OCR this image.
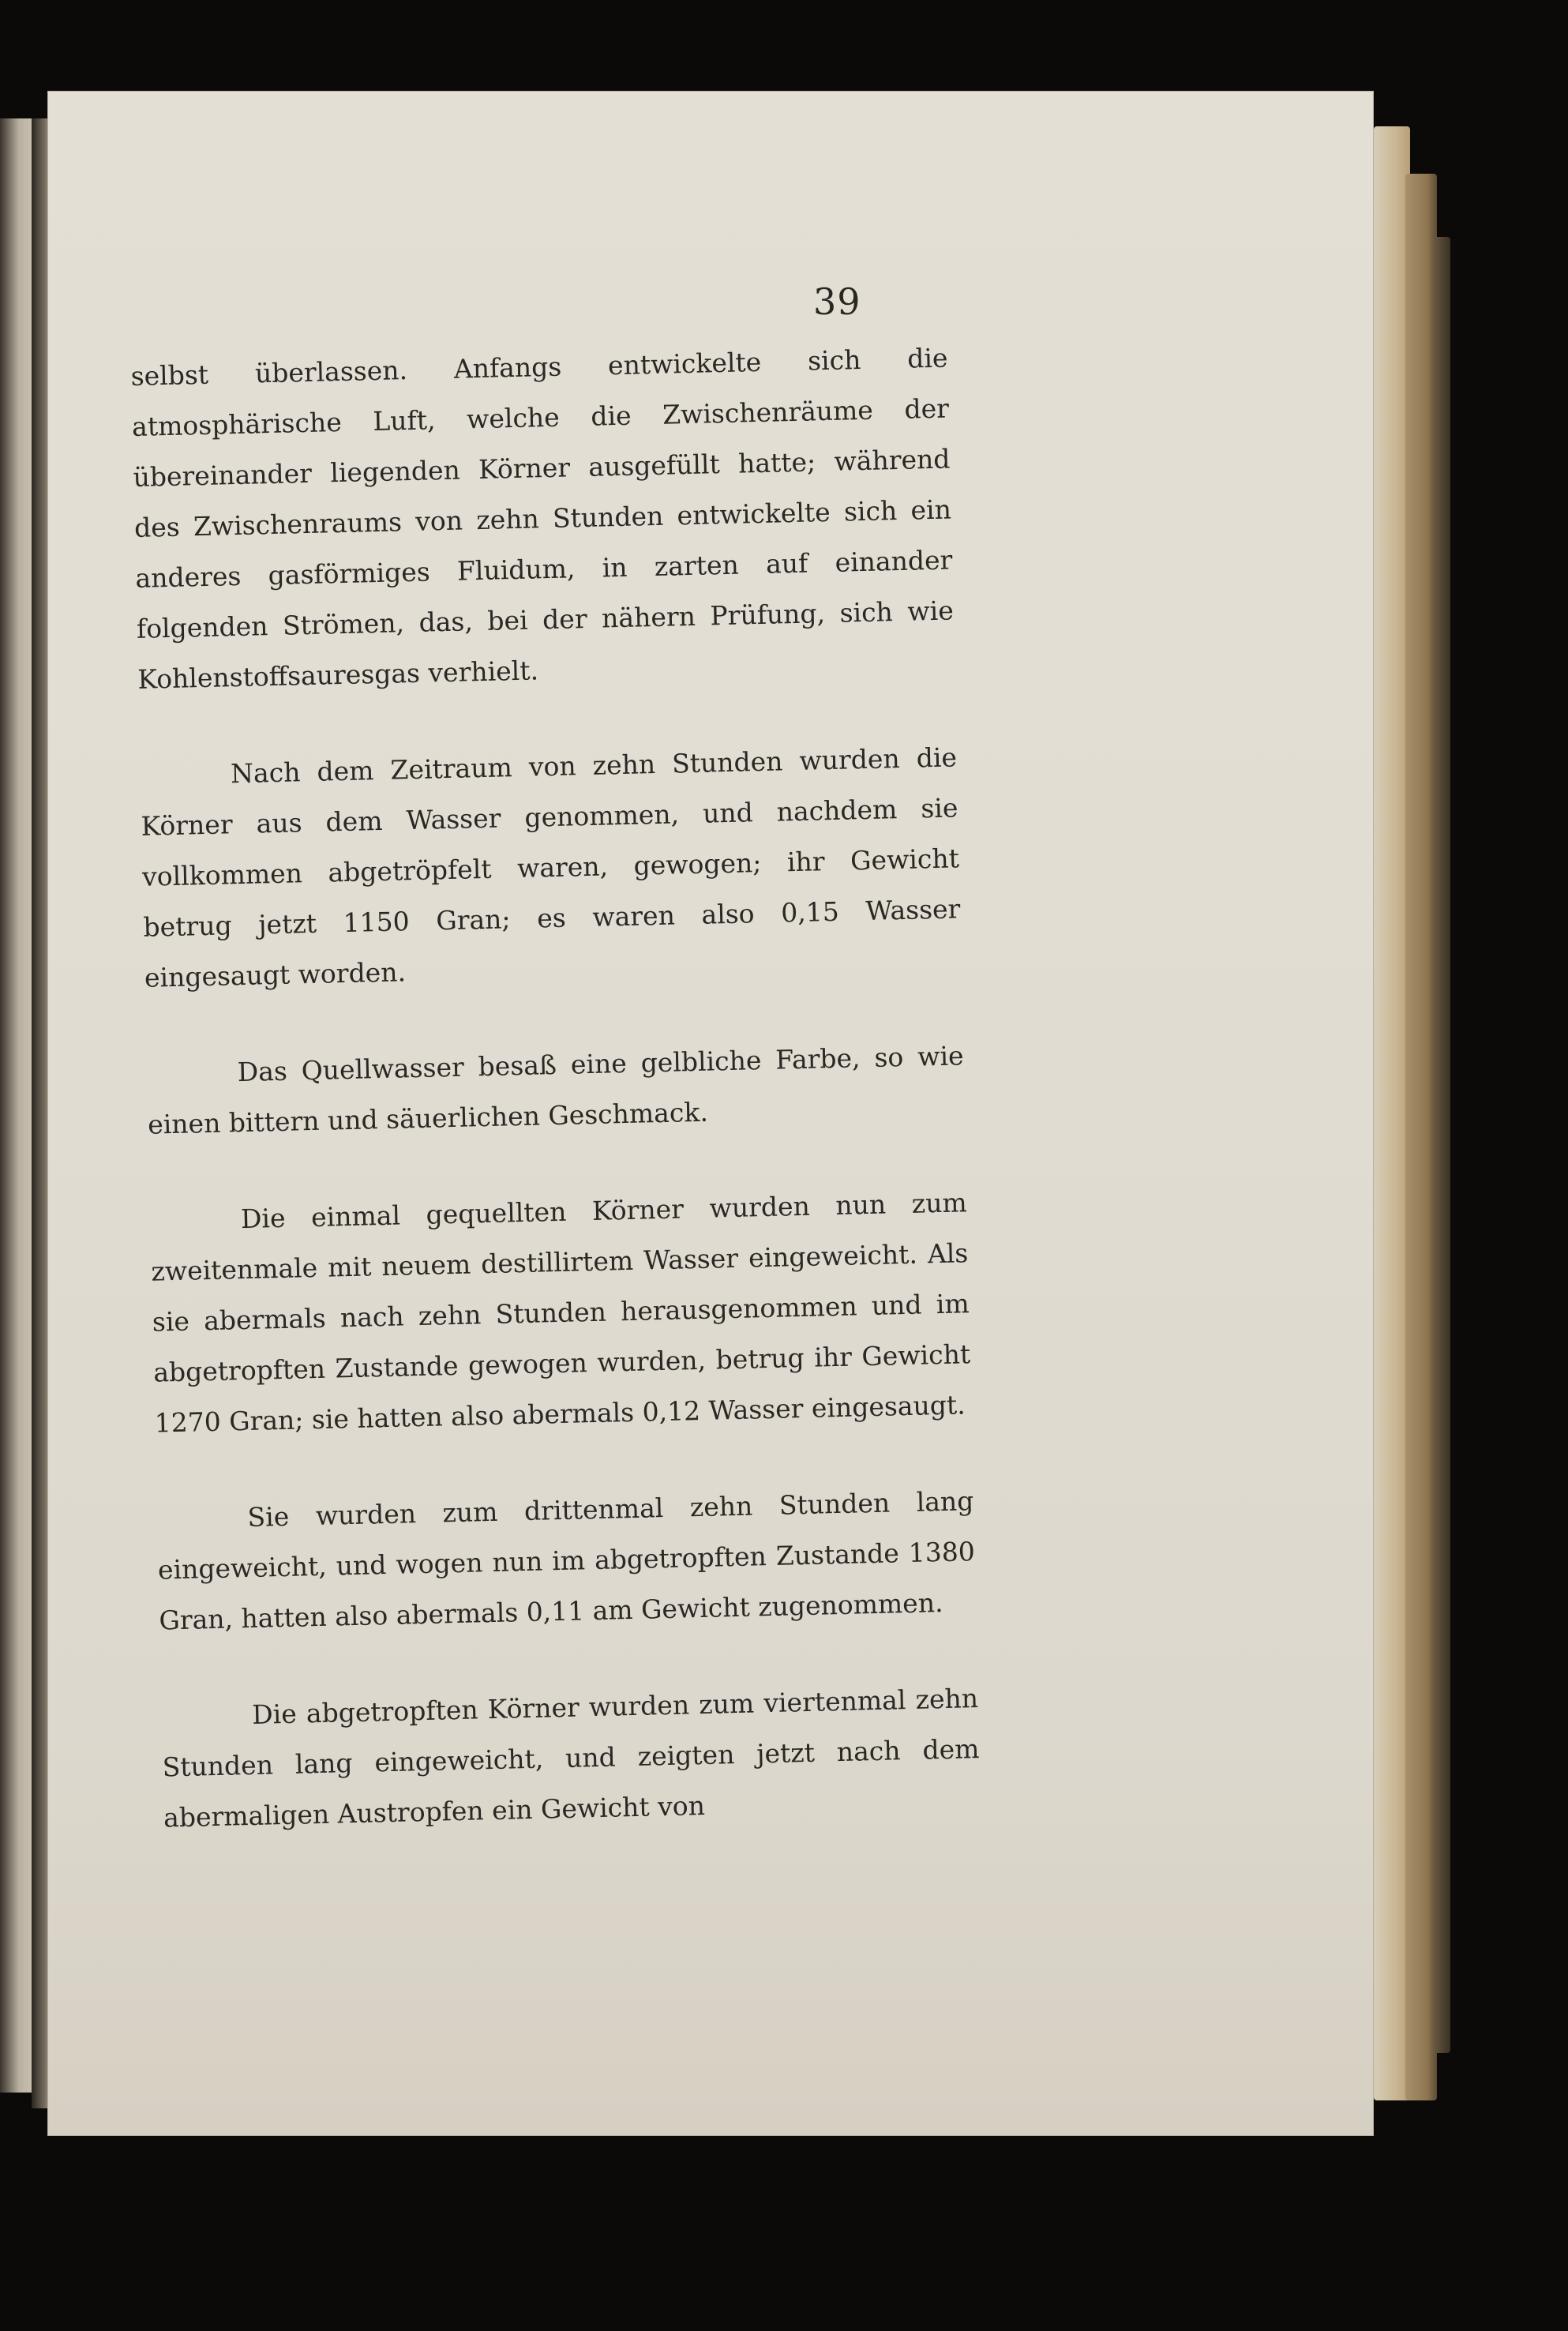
39

selbst überlassen. Anfangs entwickelte sich die atmosphärische Luft, welche die Zwischenräume der übereinander liegenden Körner ausgefüllt hatte; während des Zwischenraums von zehn Stunden entwickelte sich ein anderes gasförmiges Fluidum, in zarten auf einander folgenden Strömen, das, bei der nähern Prüfung, sich wie Kohlenstoffsauresgas verhielt.

Nach dem Zeitraum von zehn Stunden wurden die Körner aus dem Wasser genommen, und nachdem sie vollkommen abgetröpfelt waren, gewogen; ihr Gewicht betrug jetzt 1150 Gran; es waren also 0,15 Wasser eingesaugt worden.

Das Quellwasser besaß eine gelbliche Farbe, so wie einen bittern und säuerlichen Geschmack.

Die einmal gequellten Körner wurden nun zum zweitenmale mit neuem destillirtem Wasser eingeweicht. Als sie abermals nach zehn Stunden herausgenommen und im abgetropften Zustande gewogen wurden, betrug ihr Gewicht 1270 Gran; sie hatten also abermals 0,12 Wasser eingesaugt.

Sie wurden zum drittenmal zehn Stunden lang eingeweicht, und wogen nun im abgetropften Zustande 1380 Gran, hatten also abermals 0,11 am Gewicht zugenommen.

Die abgetropften Körner wurden zum viertenmal zehn Stunden lang eingeweicht, und zeigten jetzt nach dem abermaligen Austropfen ein Gewicht von
